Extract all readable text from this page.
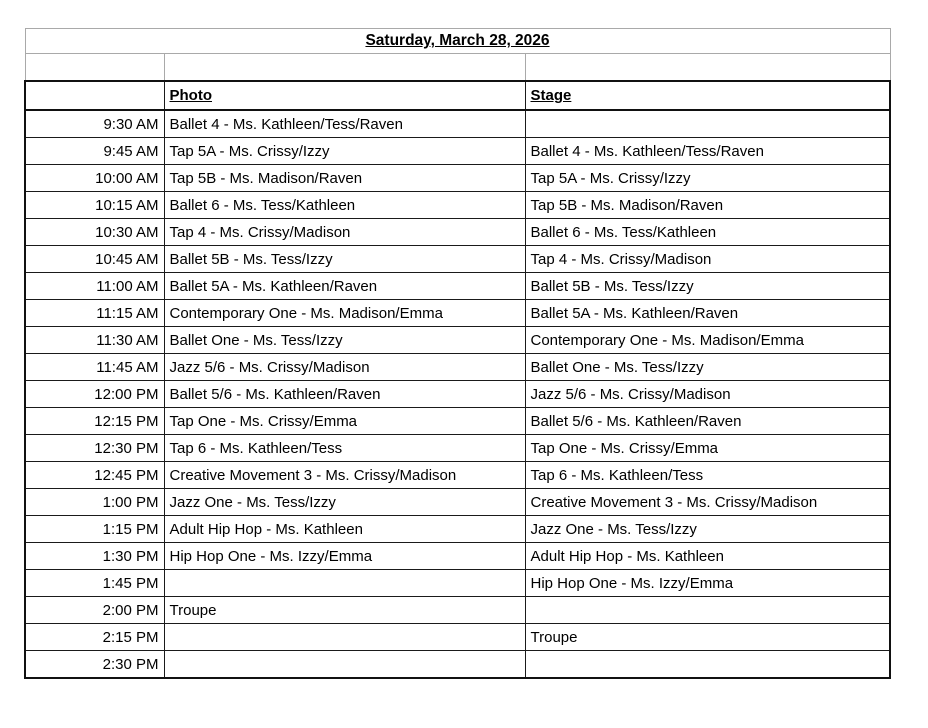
Saturday, March 28, 2026		

	Photo	Stage
9:30 AM	Ballet 4 - Ms. Kathleen/Tess/Raven	
9:45 AM	Tap 5A - Ms. Crissy/Izzy	Ballet 4 - Ms. Kathleen/Tess/Raven
10:00 AM	Tap 5B - Ms. Madison/Raven	Tap 5A - Ms. Crissy/Izzy
10:15 AM	Ballet 6 - Ms. Tess/Kathleen	Tap 5B - Ms. Madison/Raven
10:30 AM	Tap 4 - Ms. Crissy/Madison	Ballet 6 - Ms. Tess/Kathleen
10:45 AM	Ballet 5B - Ms. Tess/Izzy	Tap 4 - Ms. Crissy/Madison
11:00 AM	Ballet 5A - Ms. Kathleen/Raven	Ballet 5B - Ms. Tess/Izzy
11:15 AM	Contemporary One - Ms. Madison/Emma	Ballet 5A - Ms. Kathleen/Raven
11:30 AM	Ballet One - Ms. Tess/Izzy	Contemporary One - Ms. Madison/Emma
11:45 AM	Jazz 5/6 - Ms. Crissy/Madison	Ballet One - Ms. Tess/Izzy
12:00 PM	Ballet 5/6 - Ms. Kathleen/Raven	Jazz 5/6 - Ms. Crissy/Madison
12:15 PM	Tap One - Ms. Crissy/Emma	Ballet 5/6 - Ms. Kathleen/Raven
12:30 PM	Tap 6 - Ms. Kathleen/Tess	Tap One - Ms. Crissy/Emma
12:45 PM	Creative Movement 3 - Ms. Crissy/Madison	Tap 6 - Ms. Kathleen/Tess
1:00 PM	Jazz One - Ms. Tess/Izzy	Creative Movement 3 - Ms. Crissy/Madison
1:15 PM	Adult Hip Hop - Ms. Kathleen	Jazz One - Ms. Tess/Izzy
1:30 PM	Hip Hop One - Ms. Izzy/Emma	Adult Hip Hop - Ms. Kathleen
1:45 PM		Hip Hop One - Ms. Izzy/Emma
2:00 PM	Troupe	
2:15 PM		Troupe
2:30 PM		
